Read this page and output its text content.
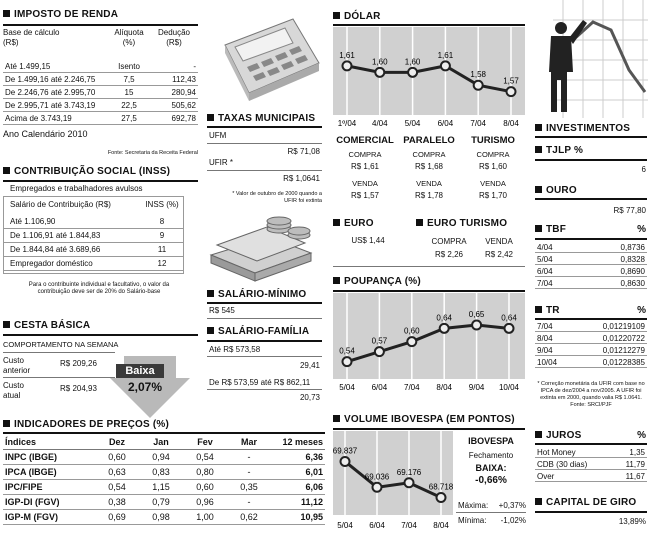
IMPOSTO DE RENDA
Base de cálculo
(R$)
Alíquota
(%)
Dedução
(R$)
Até 1.499,15	Isento	-
De 1.499,16 até 2.246,75	7,5	112,43
De 2.246,76 até 2.995,70	15	280,94
De 2.995,71 até 3.743,19	22,5	505,62
Acima de 3.743,19	27,5	692,78
Ano Calendário 2010
Fonte: Secretaria da Receita Federal
CONTRIBUIÇÃO SOCIAL (INSS)
Empregados e trabalhadores avulsos
Salário de Contribuição (R$)	INSS (%)
Até 1.106,90	8
De 1.106,91 até 1.844,83	9
De 1.844,84 até 3.689,66	11
Empregador doméstico	12
Para o contribuinte individual e facultativo, o valor da contribuição deve ser de 20% do Salário-base
CESTA BÁSICA
COMPORTAMENTO NA SEMANA
Custo
anterior
R$ 209,26
Custo
atual
R$ 204,93
Baixa
2,07%
INDICADORES DE PREÇOS (%)
Índices	Dez	Jan	Fev	Mar	12 meses
INPC (IBGE)	0,60	0,94	0,54	-	6,36
IPCA (IBGE)	0,63	0,83	0,80	-	6,01
IPC/FIPE	0,54	1,15	0,60	0,35	6,06
IGP-DI (FGV)	0,38	0,79	0,96	-	11,12
IGP-M (FGV)	0,69	0,98	1,00	0,62	10,95
TAXAS MUNICIPAIS
UFM
R$ 71,08
UFIR *
R$ 1,0641
* Valor de outubro de 2000 quando a UFIR foi extinta
SALÁRIO-MÍNIMO
R$ 545
SALÁRIO-FAMÍLIA
Até R$ 573,58
29,41
De R$ 573,59 até R$ 862,11
20,73
DÓLAR
1,61
1º/04
1,60
4/04
1,60
5/04
1,61
6/04
1,58
7/04
1,57
8/04
COMERCIAL
COMPRA
R$ 1,61
VENDA
R$ 1,57
PARALELO
COMPRA
R$ 1,68
VENDA
R$ 1,78
TURISMO
COMPRA
R$ 1,60
VENDA
R$ 1,70
EURO
US$ 1,44
EURO TURISMO
COMPRA
R$ 2,26
VENDA
R$ 2,42
POUPANÇA (%)
0,54
5/04
0,57
6/04
0,60
7/04
0,64
8/04
0,65
9/04
0,64
10/04
VOLUME IBOVESPA (EM PONTOS)
69.837
5/04
69.036
6/04
69.176
7/04
68.718
8/04
IBOVESPA
Fechamento
BAIXA:
-0,66%
Máxima:	+0,37%
Mínima:	-1,02%
INVESTIMENTOS
TJLP %
6
OURO
R$ 77,80
TBF	%
4/04	0,8736
5/04	0,8328
6/04	0,8690
7/04	0,8630
TR	%
7/04	0,01219109
8/04	0,01220722
9/04	0,01212279
10/04	0,01228385
* Correção monetária da UFIR com base no IPCA de dez/2004 a nov/2005. A UFIR foi extinta em 2000, quando valia R$ 1.0641. Fonte: SRCI/PJF
JUROS	%
Hot Money	1,35
CDB (30 dias)	11,79
Over	11,67
CAPITAL DE GIRO
13,89%
